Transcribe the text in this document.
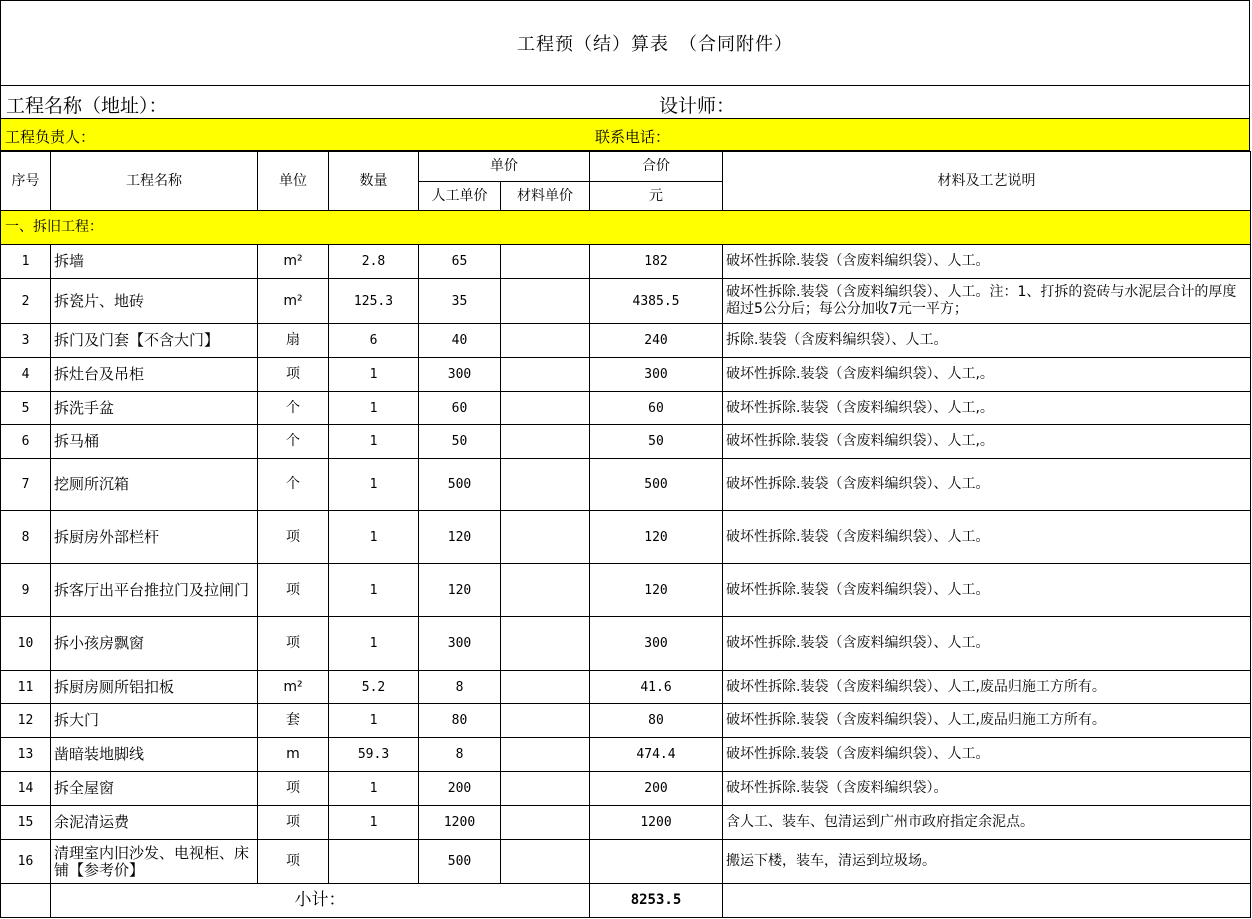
工程预（结）算表　（合同附件）
工程名称（地址）：	设计师：
工程负责人：	联系电话：
序号	工程名称	单位	数量	单价		合价	材料及工艺说明
				人工单价	材料单价	元	
一、拆旧工程：							
1	拆墙	m²	2.8	65		182	破坏性拆除.装袋（含废料编织袋）、人工。
2	拆瓷片、地砖	m²	125.3	35		4385.5	破坏性拆除.装袋（含废料编织袋）、人工。注：1、打拆的瓷砖与水泥层合计的厚度超过5公分后；每公分加收7元一平方；
3	拆门及门套【不含大门】	扇	6	40		240	拆除.装袋（含废料编织袋）、人工。
4	拆灶台及吊柜	项	1	300		300	破坏性拆除.装袋（含废料编织袋）、人工,。
5	拆洗手盆	个	1	60		60	破坏性拆除.装袋（含废料编织袋）、人工,。
6	拆马桶	个	1	50		50	破坏性拆除.装袋（含废料编织袋）、人工,。
7	挖厕所沉箱	个	1	500		500	破坏性拆除.装袋（含废料编织袋）、人工。
8	拆厨房外部栏杆	项	1	120		120	破坏性拆除.装袋（含废料编织袋）、人工。
9	拆客厅出平台推拉门及拉闸门	项	1	120		120	破坏性拆除.装袋（含废料编织袋）、人工。
10	拆小孩房飘窗	项	1	300		300	破坏性拆除.装袋（含废料编织袋）、人工。
11	拆厨房厕所铝扣板	m²	5.2	8		41.6	破坏性拆除.装袋（含废料编织袋）、人工,废品归施工方所有。
12	拆大门	套	1	80		80	破坏性拆除.装袋（含废料编织袋）、人工,废品归施工方所有。
13	凿暗装地脚线	m	59.3	8		474.4	破坏性拆除.装袋（含废料编织袋）、人工。
14	拆全屋窗	项	1	200		200	破坏性拆除.装袋（含废料编织袋）。
15	余泥清运费	项	1	1200		1200	含人工、装车、包清运到广州市政府指定余泥点。
16	清理室内旧沙发、电视柜、床铺【参考价】	项		500			搬运下楼，装车，清运到垃圾场。
	小计：					8253.5	
